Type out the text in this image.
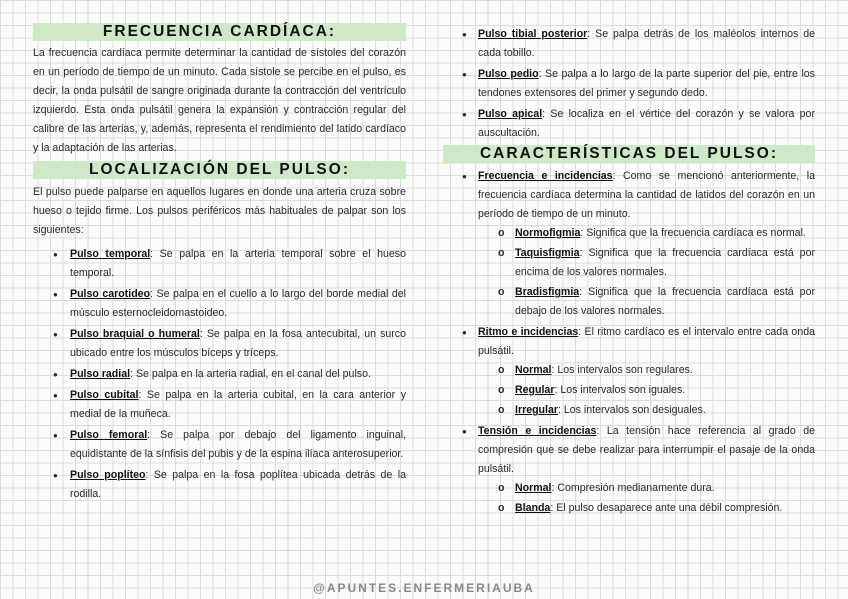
FRECUENCIA CARDÍACA:

La frecuencia cardíaca permite determinar la cantidad de sístoles del corazón en un período de tiempo de un minuto. Cada sístole se percibe en el pulso, es decir, la onda pulsátil de sangre originada durante la contracción del ventrículo izquierdo. Esta onda pulsátil genera la expansión y contracción regular del calibre de las arterias, y, además, representa el rendimiento del latido cardíaco y la adaptación de las arterias.

LOCALIZACIÓN DEL PULSO:

El pulso puede palparse en aquellos lugares en donde una arteria cruza sobre hueso o tejido firme. Los pulsos periféricos más habituales de palpar son los siguientes:

● Pulso temporal: Se palpa en la arteria temporal sobre el hueso temporal.
● Pulso carotideo: Se palpa en el cuello a lo largo del borde medial del músculo esternocleidomastoideo.
● Pulso braquial o humeral: Se palpa en la fosa antecubital, un surco ubicado entre los músculos bíceps y tríceps.
● Pulso radial: Se palpa en la arteria radial, en el canal del pulso.
● Pulso cubital: Se palpa en la arteria cubital, en la cara anterior y medial de la muñeca.
● Pulso femoral: Se palpa por debajo del ligamento inguinal, equidistante de la sínfisis del pubis y de la espina ilíaca anterosuperior.
● Pulso poplíteo: Se palpa en la fosa poplítea ubicada detrás de la rodilla.
● Pulso tibial posterior: Se palpa detrás de los maléolos internos de cada tobillo.
● Pulso pedio: Se palpa a lo largo de la parte superior del pie, entre los tendones extensores del primer y segundo dedo.
● Pulso apical: Se localiza en el vértice del corazón y se valora por auscultación.
CARACTERÍSTICAS DEL PULSO:
● Frecuencia e incidencias: Como se mencionó anteriormente, la frecuencia cardíaca determina la cantidad de latidos del corazón en un período de tiempo de un minuto.
o Normofigmia: Significa que la frecuencia cardíaca es normal.
o Taquisfigmia: Significa que la frecuencia cardíaca está por encima de los valores normales.
o Bradisfigmia: Significa que la frecuencia cardíaca está por debajo de los valores normales.
● Ritmo e incidencias: El ritmo cardíaco es el intervalo entre cada onda pulsátil.
o Normal: Los intervalos son regulares.
o Regular: Los intervalos son iguales.
o Irregular: Los intervalos son desiguales.
● Tensión e incidencias: La tensión hace referencia al grado de compresión que se debe realizar para interrumpir el pasaje de la onda pulsátil.
o Normal: Compresión medianamente dura.
o Blanda: El pulso desaparece ante una débil compresión.
@APUNTES.ENFERMERIAUBA
